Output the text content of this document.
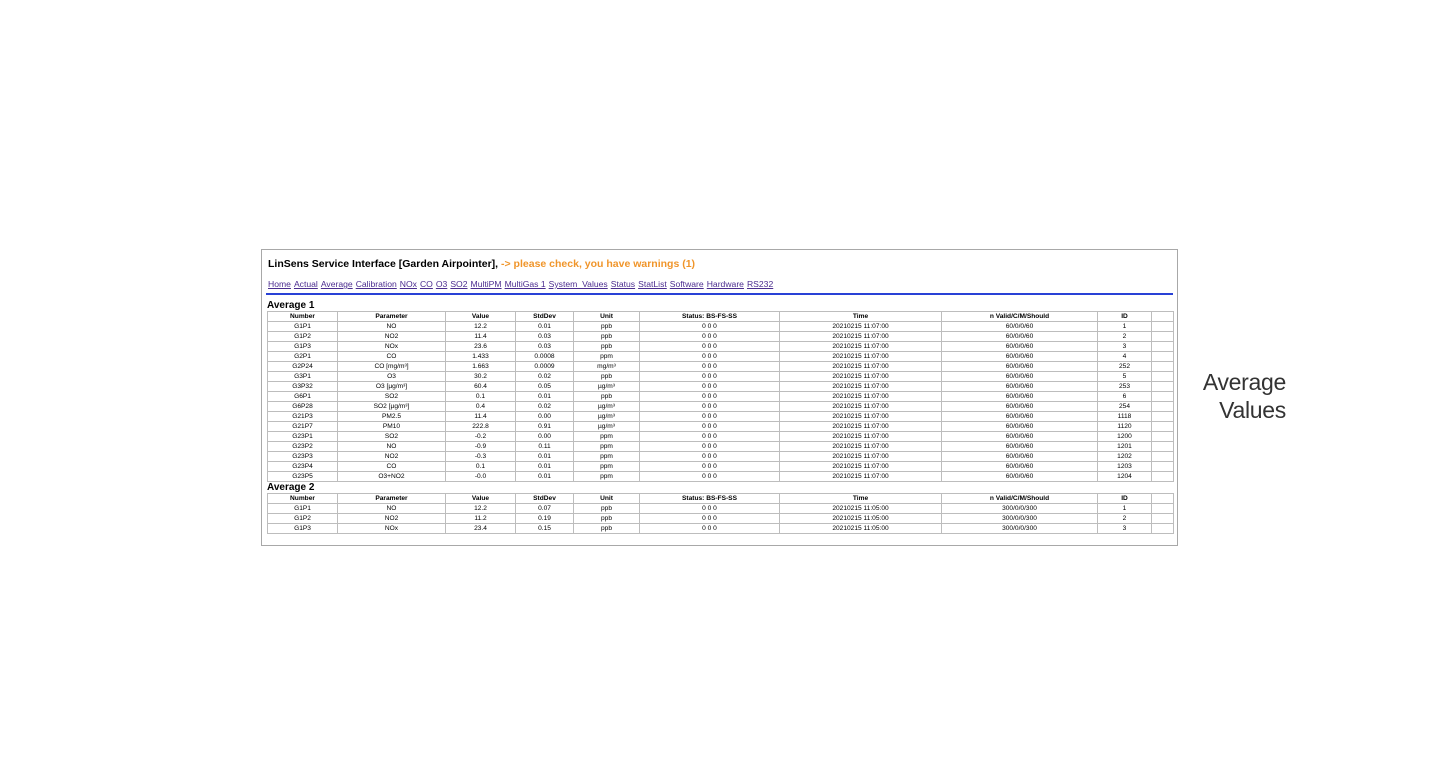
LinSens Service Interface [Garden Airpointer], -> please check, you have warnings (1)
Home Actual Average Calibration NOx CO O3 SO2 MultiPM MultiGas 1 System_Values Status StatList Software Hardware RS232
Average 1
Number	Parameter	Value	StdDev	Unit	Status: BS-FS-SS	Time	n Valid/C/M/Should	ID	
G1P1	NO	12.2	0.01	ppb	0 0 0	20210215 11:07:00	60/0/0/60	1	
G1P2	NO2	11.4	0.03	ppb	0 0 0	20210215 11:07:00	60/0/0/60	2	
G1P3	NOx	23.6	0.03	ppb	0 0 0	20210215 11:07:00	60/0/0/60	3	
G2P1	CO	1.433	0.0008	ppm	0 0 0	20210215 11:07:00	60/0/0/60	4	
G2P24	CO [mg/m³]	1.663	0.0009	mg/m³	0 0 0	20210215 11:07:00	60/0/0/60	252	
G3P1	O3	30.2	0.02	ppb	0 0 0	20210215 11:07:00	60/0/0/60	5	
G3P32	O3 [µg/m³]	60.4	0.05	µg/m³	0 0 0	20210215 11:07:00	60/0/0/60	253	
G6P1	SO2	0.1	0.01	ppb	0 0 0	20210215 11:07:00	60/0/0/60	6	
G6P28	SO2 [µg/m³]	0.4	0.02	µg/m³	0 0 0	20210215 11:07:00	60/0/0/60	254	
G21P3	PM2.5	11.4	0.00	µg/m³	0 0 0	20210215 11:07:00	60/0/0/60	1118	
G21P7	PM10	222.8	0.91	µg/m³	0 0 0	20210215 11:07:00	60/0/0/60	1120	
G23P1	SO2	-0.2	0.00	ppm	0 0 0	20210215 11:07:00	60/0/0/60	1200	
G23P2	NO	-0.9	0.11	ppm	0 0 0	20210215 11:07:00	60/0/0/60	1201	
G23P3	NO2	-0.3	0.01	ppm	0 0 0	20210215 11:07:00	60/0/0/60	1202	
G23P4	CO	0.1	0.01	ppm	0 0 0	20210215 11:07:00	60/0/0/60	1203	
G23P5	O3+NO2	-0.0	0.01	ppm	0 0 0	20210215 11:07:00	60/0/0/60	1204	
Average 2
Number	Parameter	Value	StdDev	Unit	Status: BS-FS-SS	Time	n Valid/C/M/Should	ID	
G1P1	NO	12.2	0.07	ppb	0 0 0	20210215 11:05:00	300/0/0/300	1	
G1P2	NO2	11.2	0.19	ppb	0 0 0	20210215 11:05:00	300/0/0/300	2	
G1P3	NOx	23.4	0.15	ppb	0 0 0	20210215 11:05:00	300/0/0/300	3	
Average
Values
